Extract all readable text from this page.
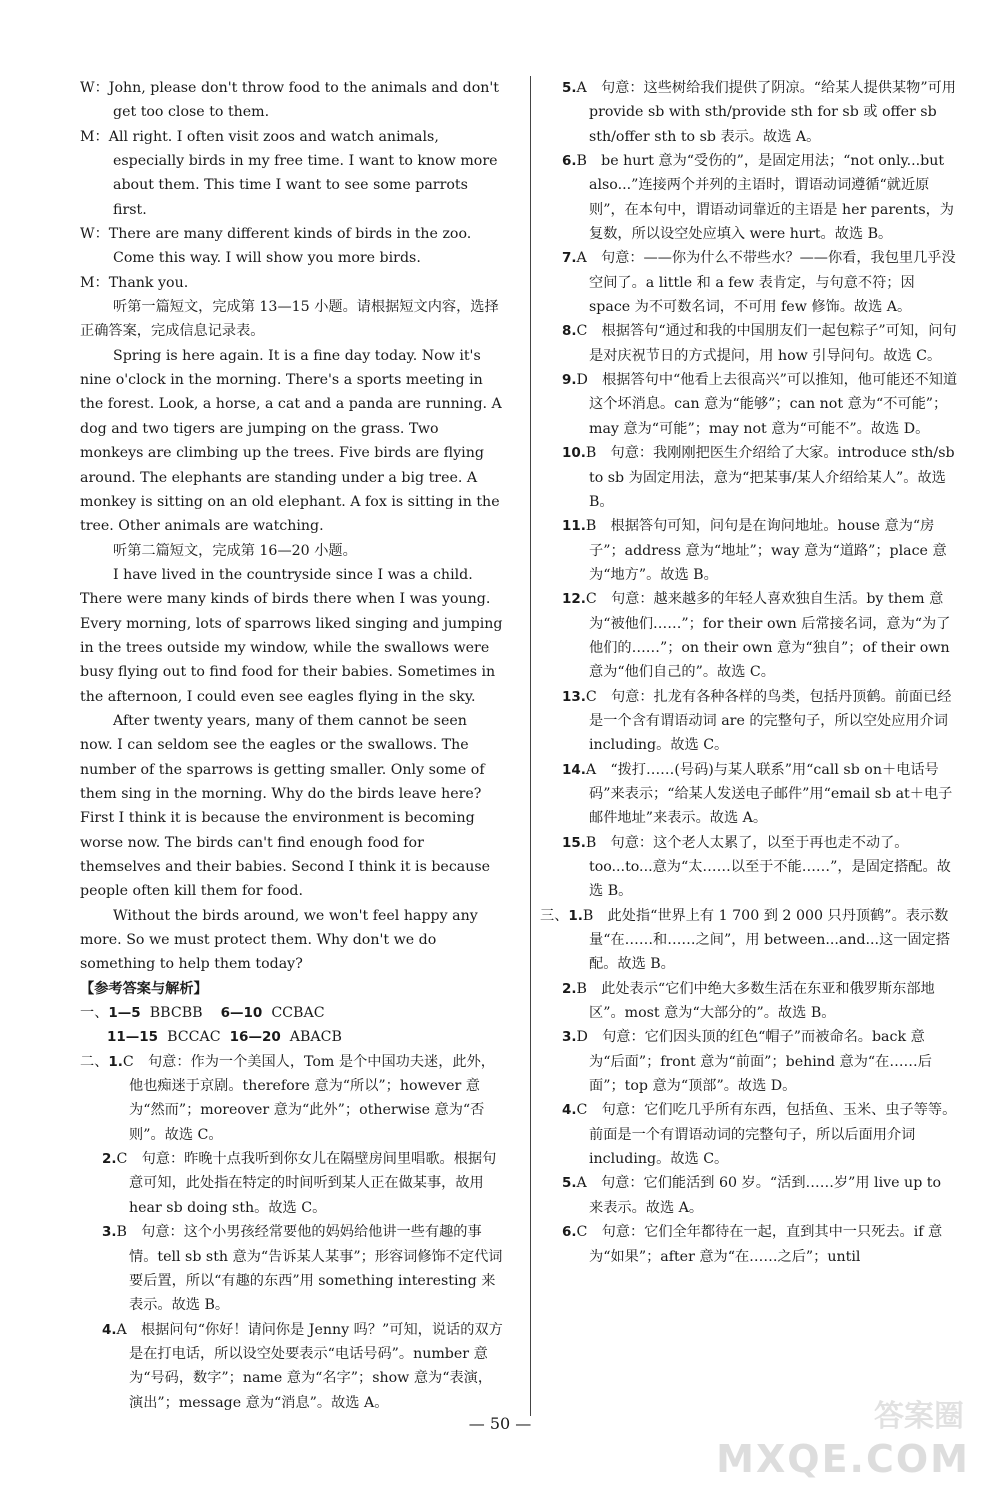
W：John, please don't throw food to the animals and don't get too close to them.

M：All right. I often visit zoos and watch animals, especially birds in my free time. I want to know more about them. This time I want to see some parrots first.

W：There are many different kinds of birds in the zoo. Come this way. I will show you more birds.

M：Thank you.

听第一篇短文，完成第 13—15 小题。请根据短文内容，选择正确答案，完成信息记录表。

Spring is here again. It is a fine day today. Now it's nine o'clock in the morning. There's a sports meeting in the forest. Look, a horse, a cat and a panda are running. A dog and two tigers are jumping on the grass. Two monkeys are climbing up the trees. Five birds are flying around. The elephants are standing under a big tree. A monkey is sitting on an old elephant. A fox is sitting in the tree. Other animals are watching.

听第二篇短文，完成第 16—20 小题。

I have lived in the countryside since I was a child. There were many kinds of birds there when I was young. Every morning, lots of sparrows liked singing and jumping in the trees outside my window, while the swallows were busy flying out to find food for their babies. Sometimes in the afternoon, I could even see eagles flying in the sky.

After twenty years, many of them cannot be seen now. I can seldom see the eagles or the swallows. The number of the sparrows is getting smaller. Only some of them sing in the morning. Why do the birds leave here? First I think it is because the environment is becoming worse now. The birds can't find enough food for themselves and their babies. Second I think it is because people often kill them for food.

Without the birds around, we won't feel happy any more. So we must protect them. Why don't we do something to help them today?

【参考答案与解析】

一、1—5 BBCBB 6—10 CCBAC

11—15 BCCAC 16—20 ABACB

二、1.C　句意：作为一个美国人，Tom 是个中国功夫迷，此外，他也痴迷于京剧。therefore 意为“所以”；however 意为“然而”；moreover 意为“此外”；otherwise 意为“否则”。故选 C。

2.C　句意：昨晚十点我听到你女儿在隔壁房间里唱歌。根据句意可知，此处指在特定的时间听到某人正在做某事，故用 hear sb doing sth。故选 C。

3.B　句意：这个小男孩经常要他的妈妈给他讲一些有趣的事情。tell sb sth 意为“告诉某人某事”；形容词修饰不定代词要后置，所以“有趣的东西”用 something interesting 来表示。故选 B。

4.A　根据问句“你好！请问你是 Jenny 吗？”可知，说话的双方是在打电话，所以设空处要表示“电话号码”。number 意为“号码，数字”；name 意为“名字”；show 意为“表演，演出”；message 意为“消息”。故选 A。

5.A　句意：这些树给我们提供了阴凉。“给某人提供某物”可用 provide sb with sth/provide sth for sb 或 offer sb sth/offer sth to sb 表示。故选 A。

6.B　be hurt 意为“受伤的”，是固定用法；“not only...but also...”连接两个并列的主语时，谓语动词遵循“就近原则”，在本句中，谓语动词靠近的主语是 her parents，为复数，所以设空处应填入 were hurt。故选 B。

7.A　句意：——你为什么不带些水？——你看，我包里几乎没空间了。a little 和 a few 表肯定，与句意不符；因 space 为不可数名词，不可用 few 修饰。故选 A。

8.C　根据答句“通过和我的中国朋友们一起包粽子”可知，问句是对庆祝节日的方式提问，用 how 引导问句。故选 C。

9.D　根据答句中“他看上去很高兴”可以推知，他可能还不知道这个坏消息。can 意为“能够”；can not 意为“不可能”；may 意为“可能”；may not 意为“可能不”。故选 D。

10.B　句意：我刚刚把医生介绍给了大家。introduce sth/sb to sb 为固定用法，意为“把某事/某人介绍给某人”。故选 B。

11.B　根据答句可知，问句是在询问地址。house 意为“房子”；address 意为“地址”；way 意为“道路”；place 意为“地方”。故选 B。

12.C　句意：越来越多的年轻人喜欢独自生活。by them 意为“被他们……”；for their own 后常接名词，意为“为了他们的……”；on their own 意为“独自”；of their own 意为“他们自己的”。故选 C。

13.C　句意：扎龙有各种各样的鸟类，包括丹顶鹤。前面已经是一个含有谓语动词 are 的完整句子，所以空处应用介词 including。故选 C。

14.A　“拨打……(号码)与某人联系”用“call sb on＋电话号码”来表示；“给某人发送电子邮件”用“email sb at＋电子邮件地址”来表示。故选 A。

15.B　句意：这个老人太累了，以至于再也走不动了。too...to...意为“太……以至于不能……”，是固定搭配。故选 B。

三、1.B　此处指“世界上有 1 700 到 2 000 只丹顶鹤”。表示数量“在……和……之间”，用 between...and...这一固定搭配。故选 B。

2.B　此处表示“它们中绝大多数生活在东亚和俄罗斯东部地区”。most 意为“大部分的”。故选 B。

3.D　句意：它们因头顶的红色“帽子”而被命名。back 意为“后面”；front 意为“前面”；behind 意为“在……后面”；top 意为“顶部”。故选 D。

4.C　句意：它们吃几乎所有东西，包括鱼、玉米、虫子等等。前面是一个有谓语动词的完整句子，所以后面用介词 including。故选 C。

5.A　句意：它们能活到 60 岁。“活到……岁”用 live up to 来表示。故选 A。

6.C　句意：它们全年都待在一起，直到其中一只死去。if 意为“如果”；after 意为“在……之后”；until

— 50 —	答案圈
MXQE.COM
